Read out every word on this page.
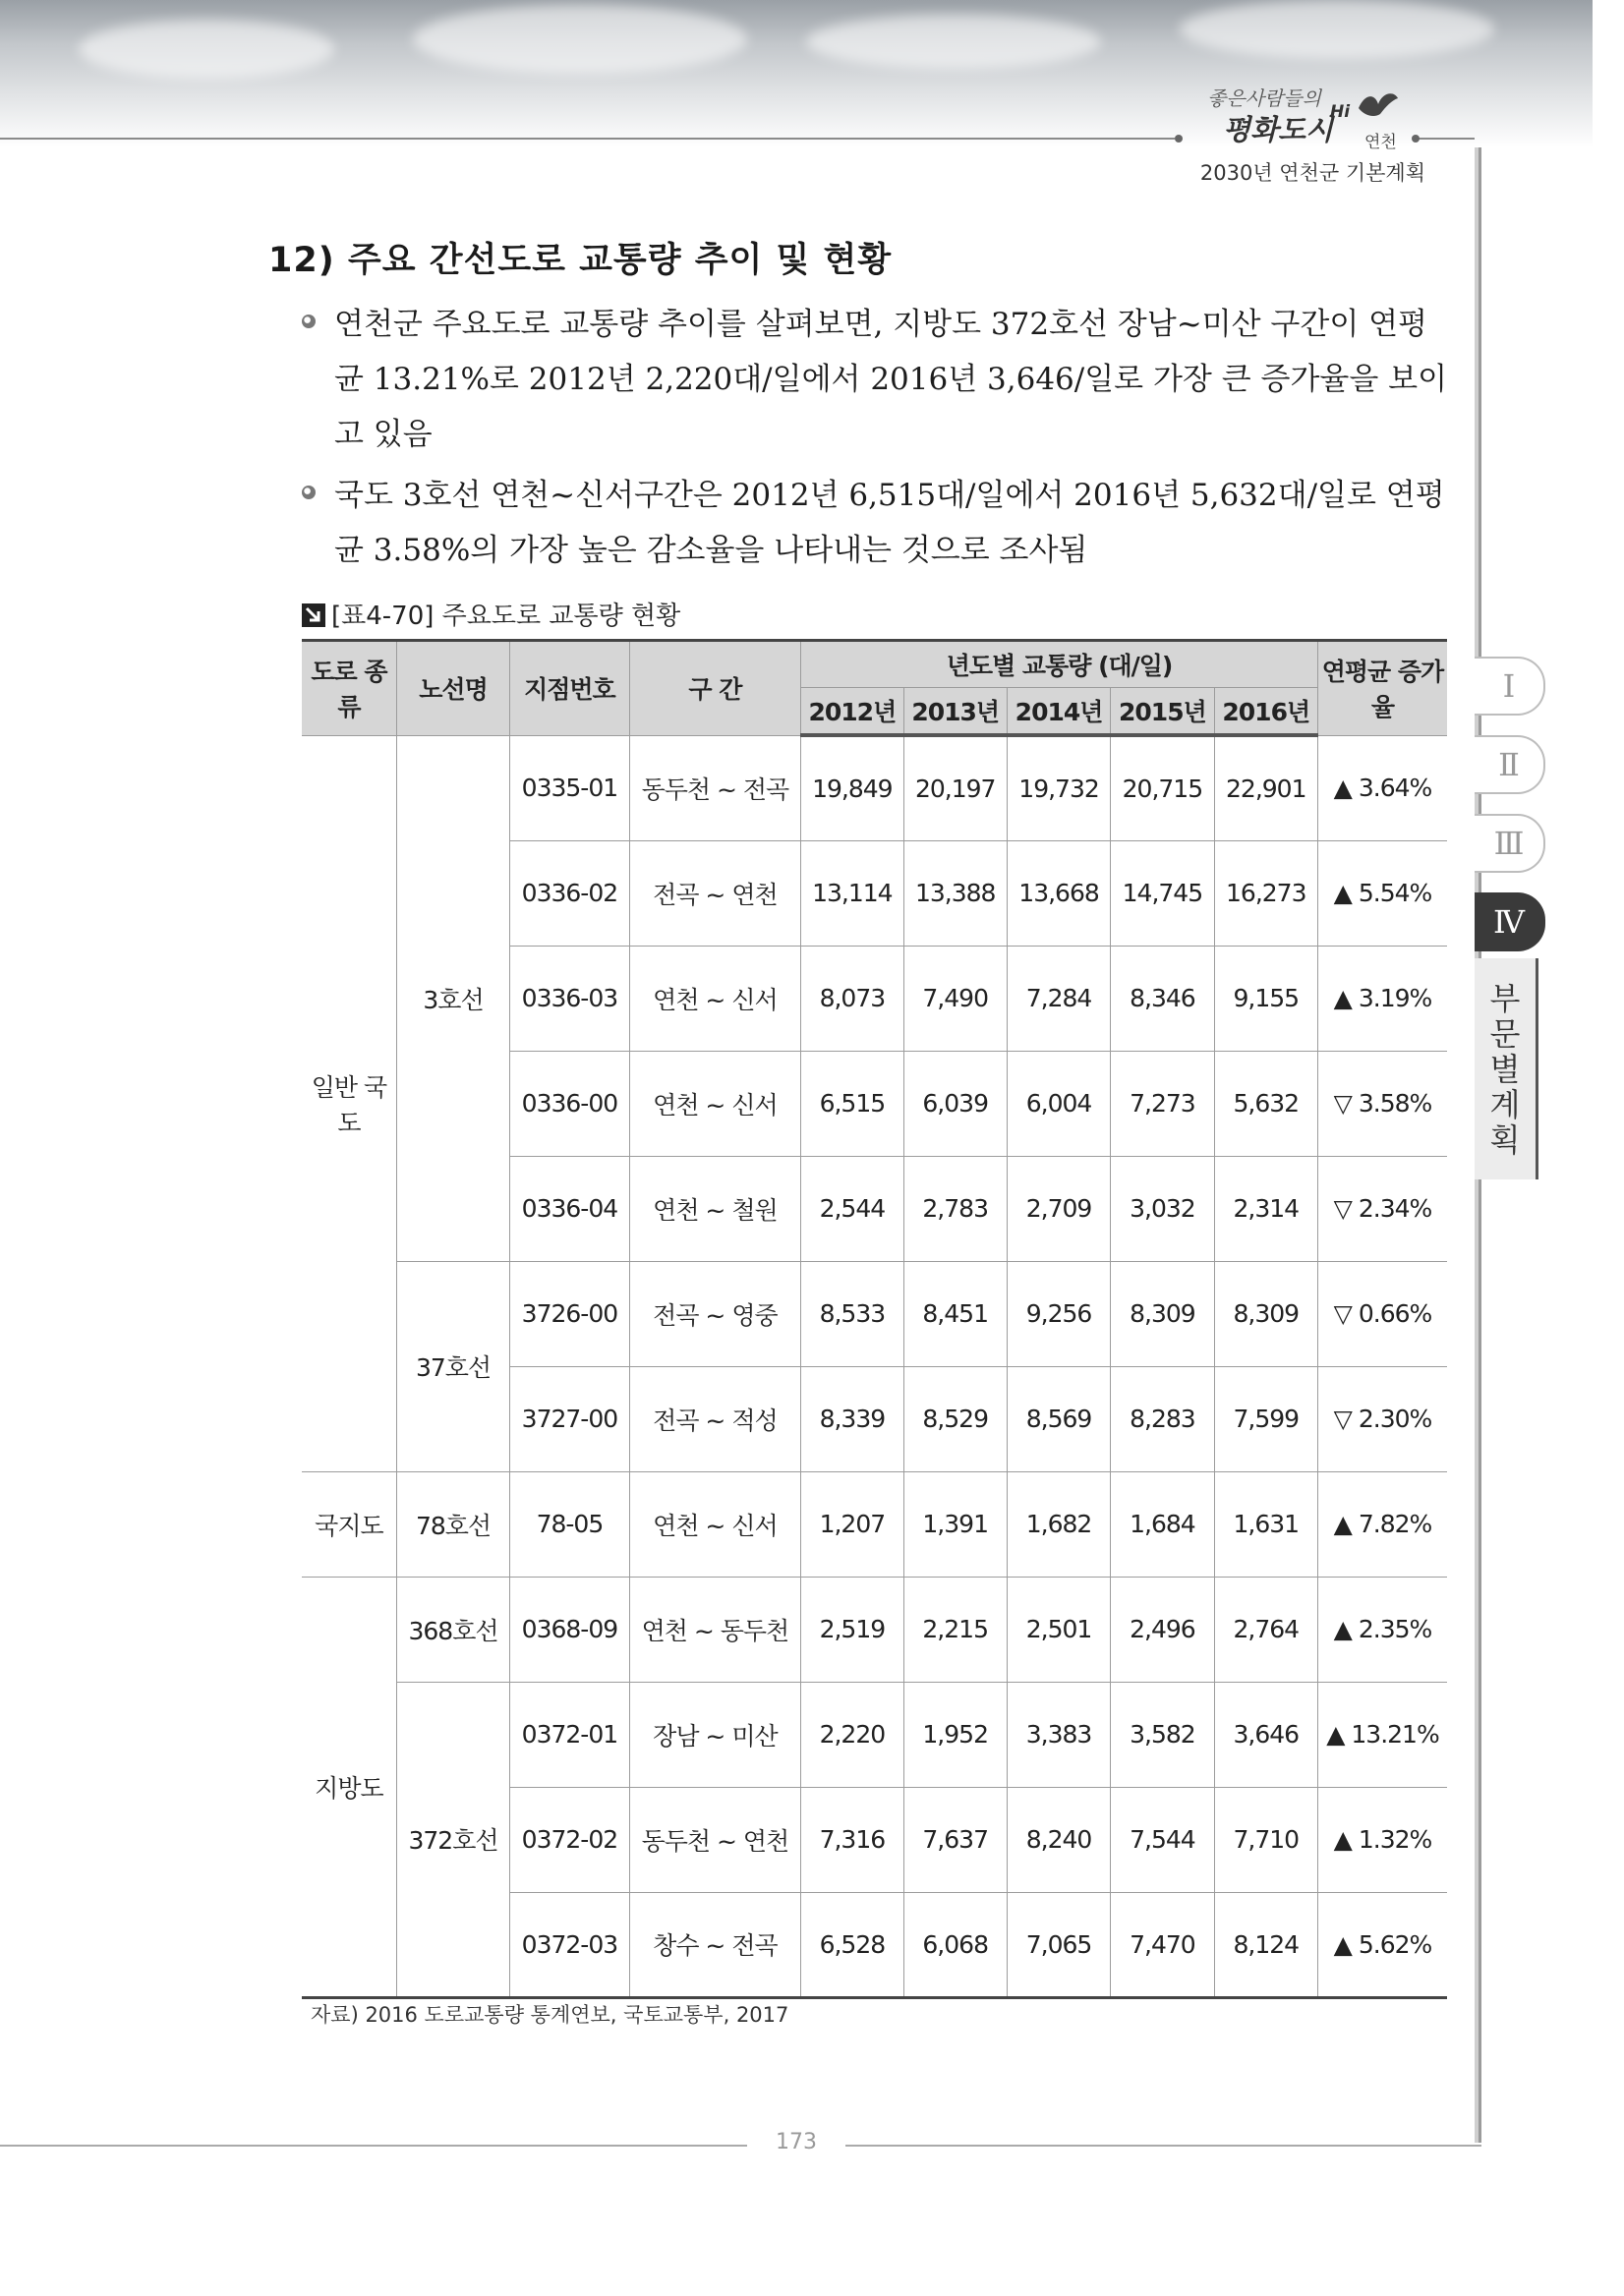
좋은사람들의
평화도시
Hi
연천
2030년 연천군 기본계획
12) 주요 간선도로 교통량 추이 및 현황
연천군 주요도로 교통량 추이를 살펴보면, 지방도 372호선 장남~미산 구간이 연평균 13.21%로 2012년 2,220대/일에서 2016년 3,646/일로 가장 큰 증가율을 보이고 있음
국도 3호선 연천~신서구간은 2012년 6,515대/일에서 2016년 5,632대/일로 연평균 3.58%의 가장 높은 감소율을 나타내는 것으로 조사됨
[표4-70] 주요도로 교통량 현황
도로 종류	노선명	지점번호	구 간	년도별 교통량 (대/일)					연평균 증가율
				2012년	2013년	2014년	2015년	2016년	
일반 국도	3호선	0335-01	동두천 ~ 전곡	19,849	20,197	19,732	20,715	22,901	▲ 3.64%
		0336-02	전곡 ~ 연천	13,114	13,388	13,668	14,745	16,273	▲ 5.54%
		0336-03	연천 ~ 신서	8,073	7,490	7,284	8,346	9,155	▲ 3.19%
		0336-00	연천 ~ 신서	6,515	6,039	6,004	7,273	5,632	▽ 3.58%
		0336-04	연천 ~ 철원	2,544	2,783	2,709	3,032	2,314	▽ 2.34%
	37호선	3726-00	전곡 ~ 영중	8,533	8,451	9,256	8,309	8,309	▽ 0.66%
		3727-00	전곡 ~ 적성	8,339	8,529	8,569	8,283	7,599	▽ 2.30%
국지도	78호선	78-05	연천 ~ 신서	1,207	1,391	1,682	1,684	1,631	▲ 7.82%
지방도	368호선	0368-09	연천 ~ 동두천	2,519	2,215	2,501	2,496	2,764	▲ 2.35%
	372호선	0372-01	장남 ~ 미산	2,220	1,952	3,383	3,582	3,646	▲ 13.21%
		0372-02	동두천 ~ 연천	7,316	7,637	8,240	7,544	7,710	▲ 1.32%
		0372-03	창수 ~ 전곡	6,528	6,068	7,065	7,470	8,124	▲ 5.62%
자료) 2016 도로교통량 통계연보, 국토교통부, 2017
Ⅰ
Ⅱ
Ⅲ
Ⅳ
부
문
별
계
획
173
